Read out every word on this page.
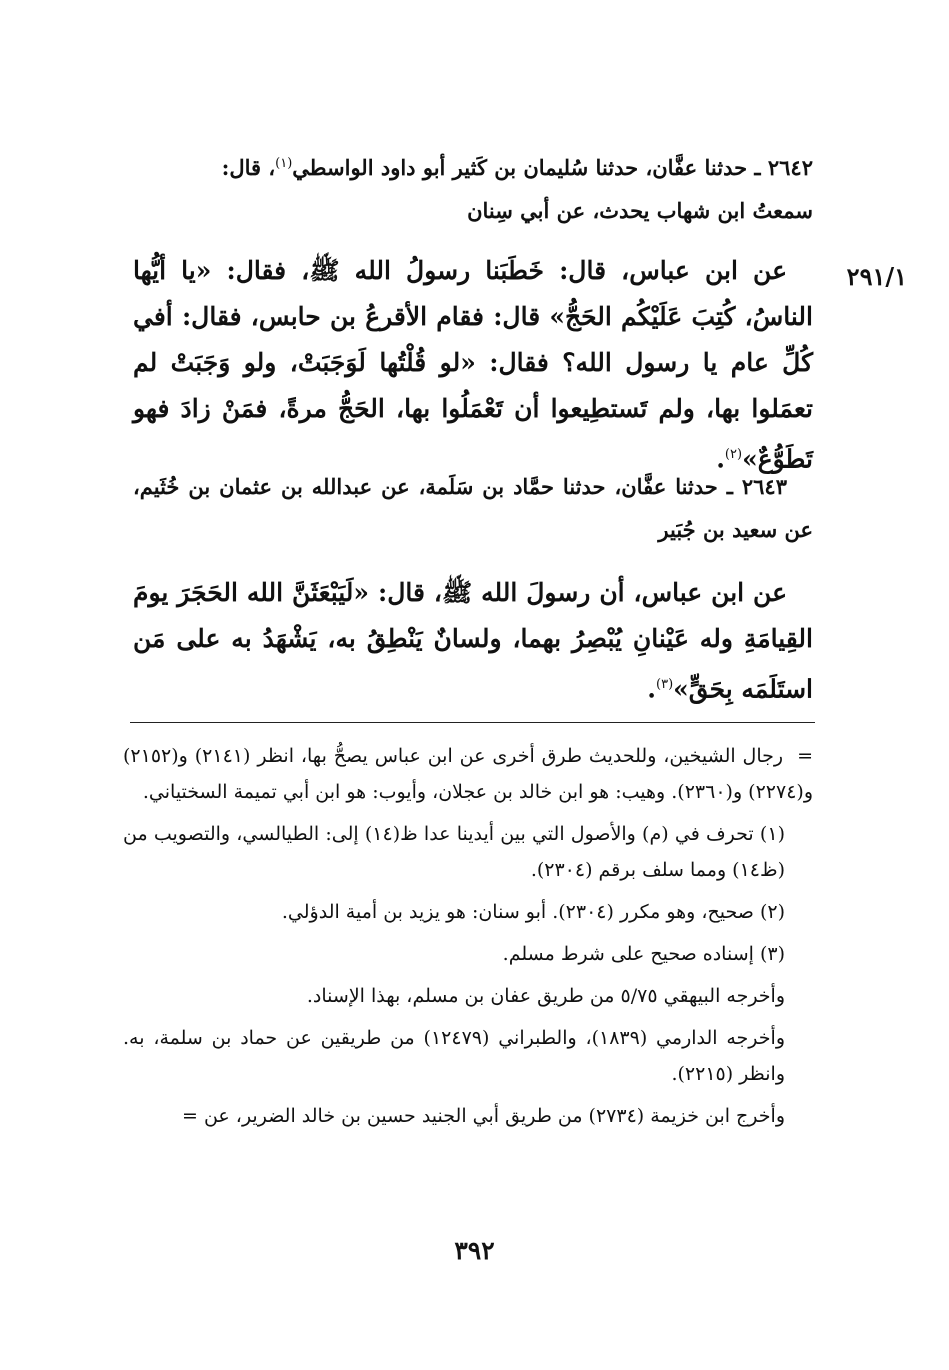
٢٩١/١
٢٦٤٢ ـ حدثنا عفَّان، حدثنا سُليمان بن كَثير أبو داود الواسطي$^{(١)}$، قال:
سمعتُ ابن شهاب يحدث، عن أبي سِنان
عن ابن عباس، قال: خَطَبَنا رسولُ الله ﷺ، فقال: «يا أيُّها الناسُ، كُتِبَ عَلَيْكُم الحَجُّ» قال: فقام الأقرعُ بن حابس، فقال: أفي كُلِّ عام يا رسول الله؟ فقال: «لو قُلْتُها لَوَجَبَتْ، ولو وَجَبَتْ لم تعمَلوا بها، ولم تَستطِيعوا أن تَعْمَلُوا بها، الحَجُّ مرةً، فمَنْ زادَ فهو تَطَوُّعٌ»$^{(٢)}$.
٢٦٤٣ ـ حدثنا عفَّان، حدثنا حمَّاد بن سَلَمة، عن عبدالله بن عثمان بن خُثَيم، عن سعيد بن جُبَير
عن ابن عباس، أن رسولَ الله ﷺ، قال: «لَيَبْعَثَنَّ الله الحَجَرَ يومَ القِيامَةِ وله عَيْنانِ يُبْصِرُ بهما، ولسانٌ يَنْطِقُ به، يَشْهَدُ به على مَن استَلَمَه بِحَقٍّ»$^{(٣)}$.

=رجال الشيخين، وللحديث طرق أخرى عن ابن عباس يصحُّ بها، انظر (٢١٤١) و(٢١٥٢) و(٢٢٧٤) و(٢٣٦٠). وهيب: هو ابن خالد بن عجلان، وأيوب: هو ابن أبي تميمة السختياني.

(١) تحرف في (م) والأصول التي بين أيدينا عدا ظ(١٤) إلى: الطيالسي، والتصويب من (ظ١٤) ومما سلف برقم (٢٣٠٤).

(٢) صحيح، وهو مكرر (٢٣٠٤). أبو سنان: هو يزيد بن أمية الدؤلي.

(٣) إسناده صحيح على شرط مسلم.

وأخرجه البيهقي ٥/٧٥ من طريق عفان بن مسلم، بهذا الإسناد.

وأخرجه الدارمي (١٨٣٩)، والطبراني (١٢٤٧٩) من طريقين عن حماد بن سلمة، به. وانظر (٢٢١٥).

وأخرج ابن خزيمة (٢٧٣٤) من طريق أبي الجنيد حسين بن خالد الضرير، عن =

٣٩٢
